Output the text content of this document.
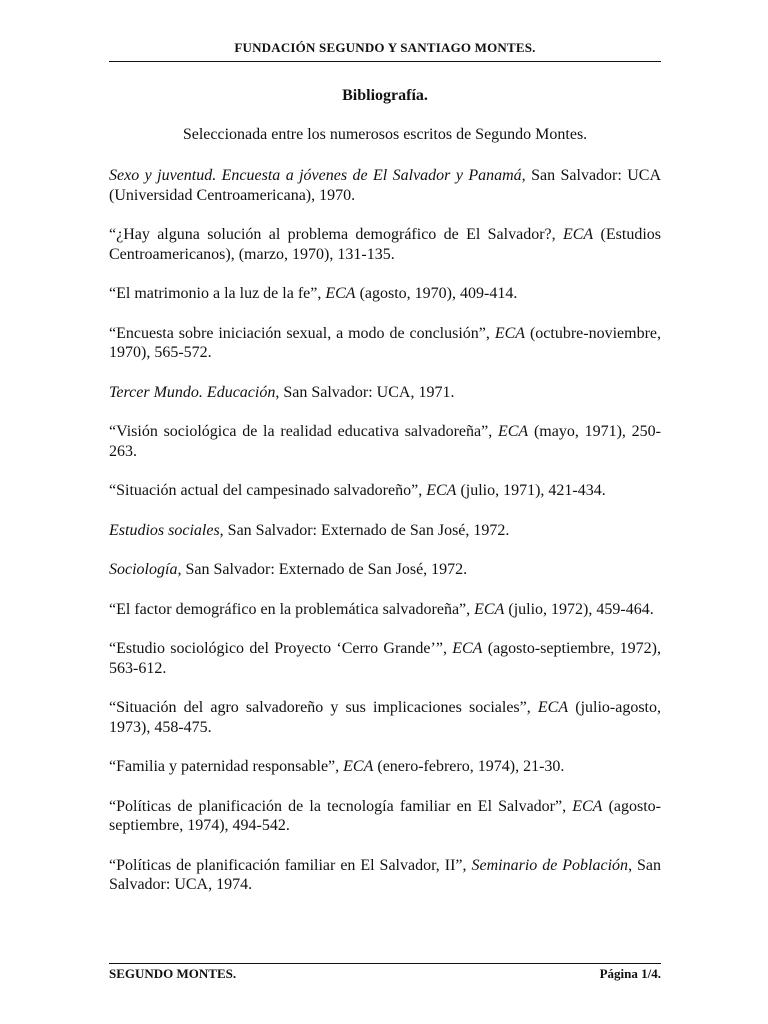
FUNDACIÓN SEGUNDO Y SANTIAGO MONTES.
Bibliografía.
Seleccionada entre los numerosos escritos de Segundo Montes.

Sexo y juventud. Encuesta a jóvenes de El Salvador y Panamá, San Salvador: UCA (Universidad Centroamericana), 1970.

“¿Hay alguna solución al problema demográfico de El Salvador?, ECA (Estudios Centroamericanos), (marzo, 1970), 131-135.

“El matrimonio a la luz de la fe”, ECA (agosto, 1970), 409-414.

“Encuesta sobre iniciación sexual, a modo de conclusión”, ECA (octubre-noviembre, 1970), 565-572.

Tercer Mundo. Educación, San Salvador: UCA, 1971.

“Visión sociológica de la realidad educativa salvadoreña”, ECA (mayo, 1971), 250-263.

“Situación actual del campesinado salvadoreño”, ECA (julio, 1971), 421-434.

Estudios sociales, San Salvador: Externado de San José, 1972.

Sociología, San Salvador: Externado de San José, 1972.

“El factor demográfico en la problemática salvadoreña”, ECA (julio, 1972), 459-464.

“Estudio sociológico del Proyecto ‘Cerro Grande’”, ECA (agosto-septiembre, 1972), 563-612.

“Situación del agro salvadoreño y sus implicaciones sociales”, ECA (julio-agosto, 1973), 458-475.

“Familia y paternidad responsable”, ECA (enero-febrero, 1974), 21-30.

“Políticas de planificación de la tecnología familiar en El Salvador”, ECA (agosto-septiembre, 1974), 494-542.

“Políticas de planificación familiar en El Salvador, II”, Seminario de Población, San Salvador: UCA, 1974.

SEGUNDO MONTES.	Página 1/4.
